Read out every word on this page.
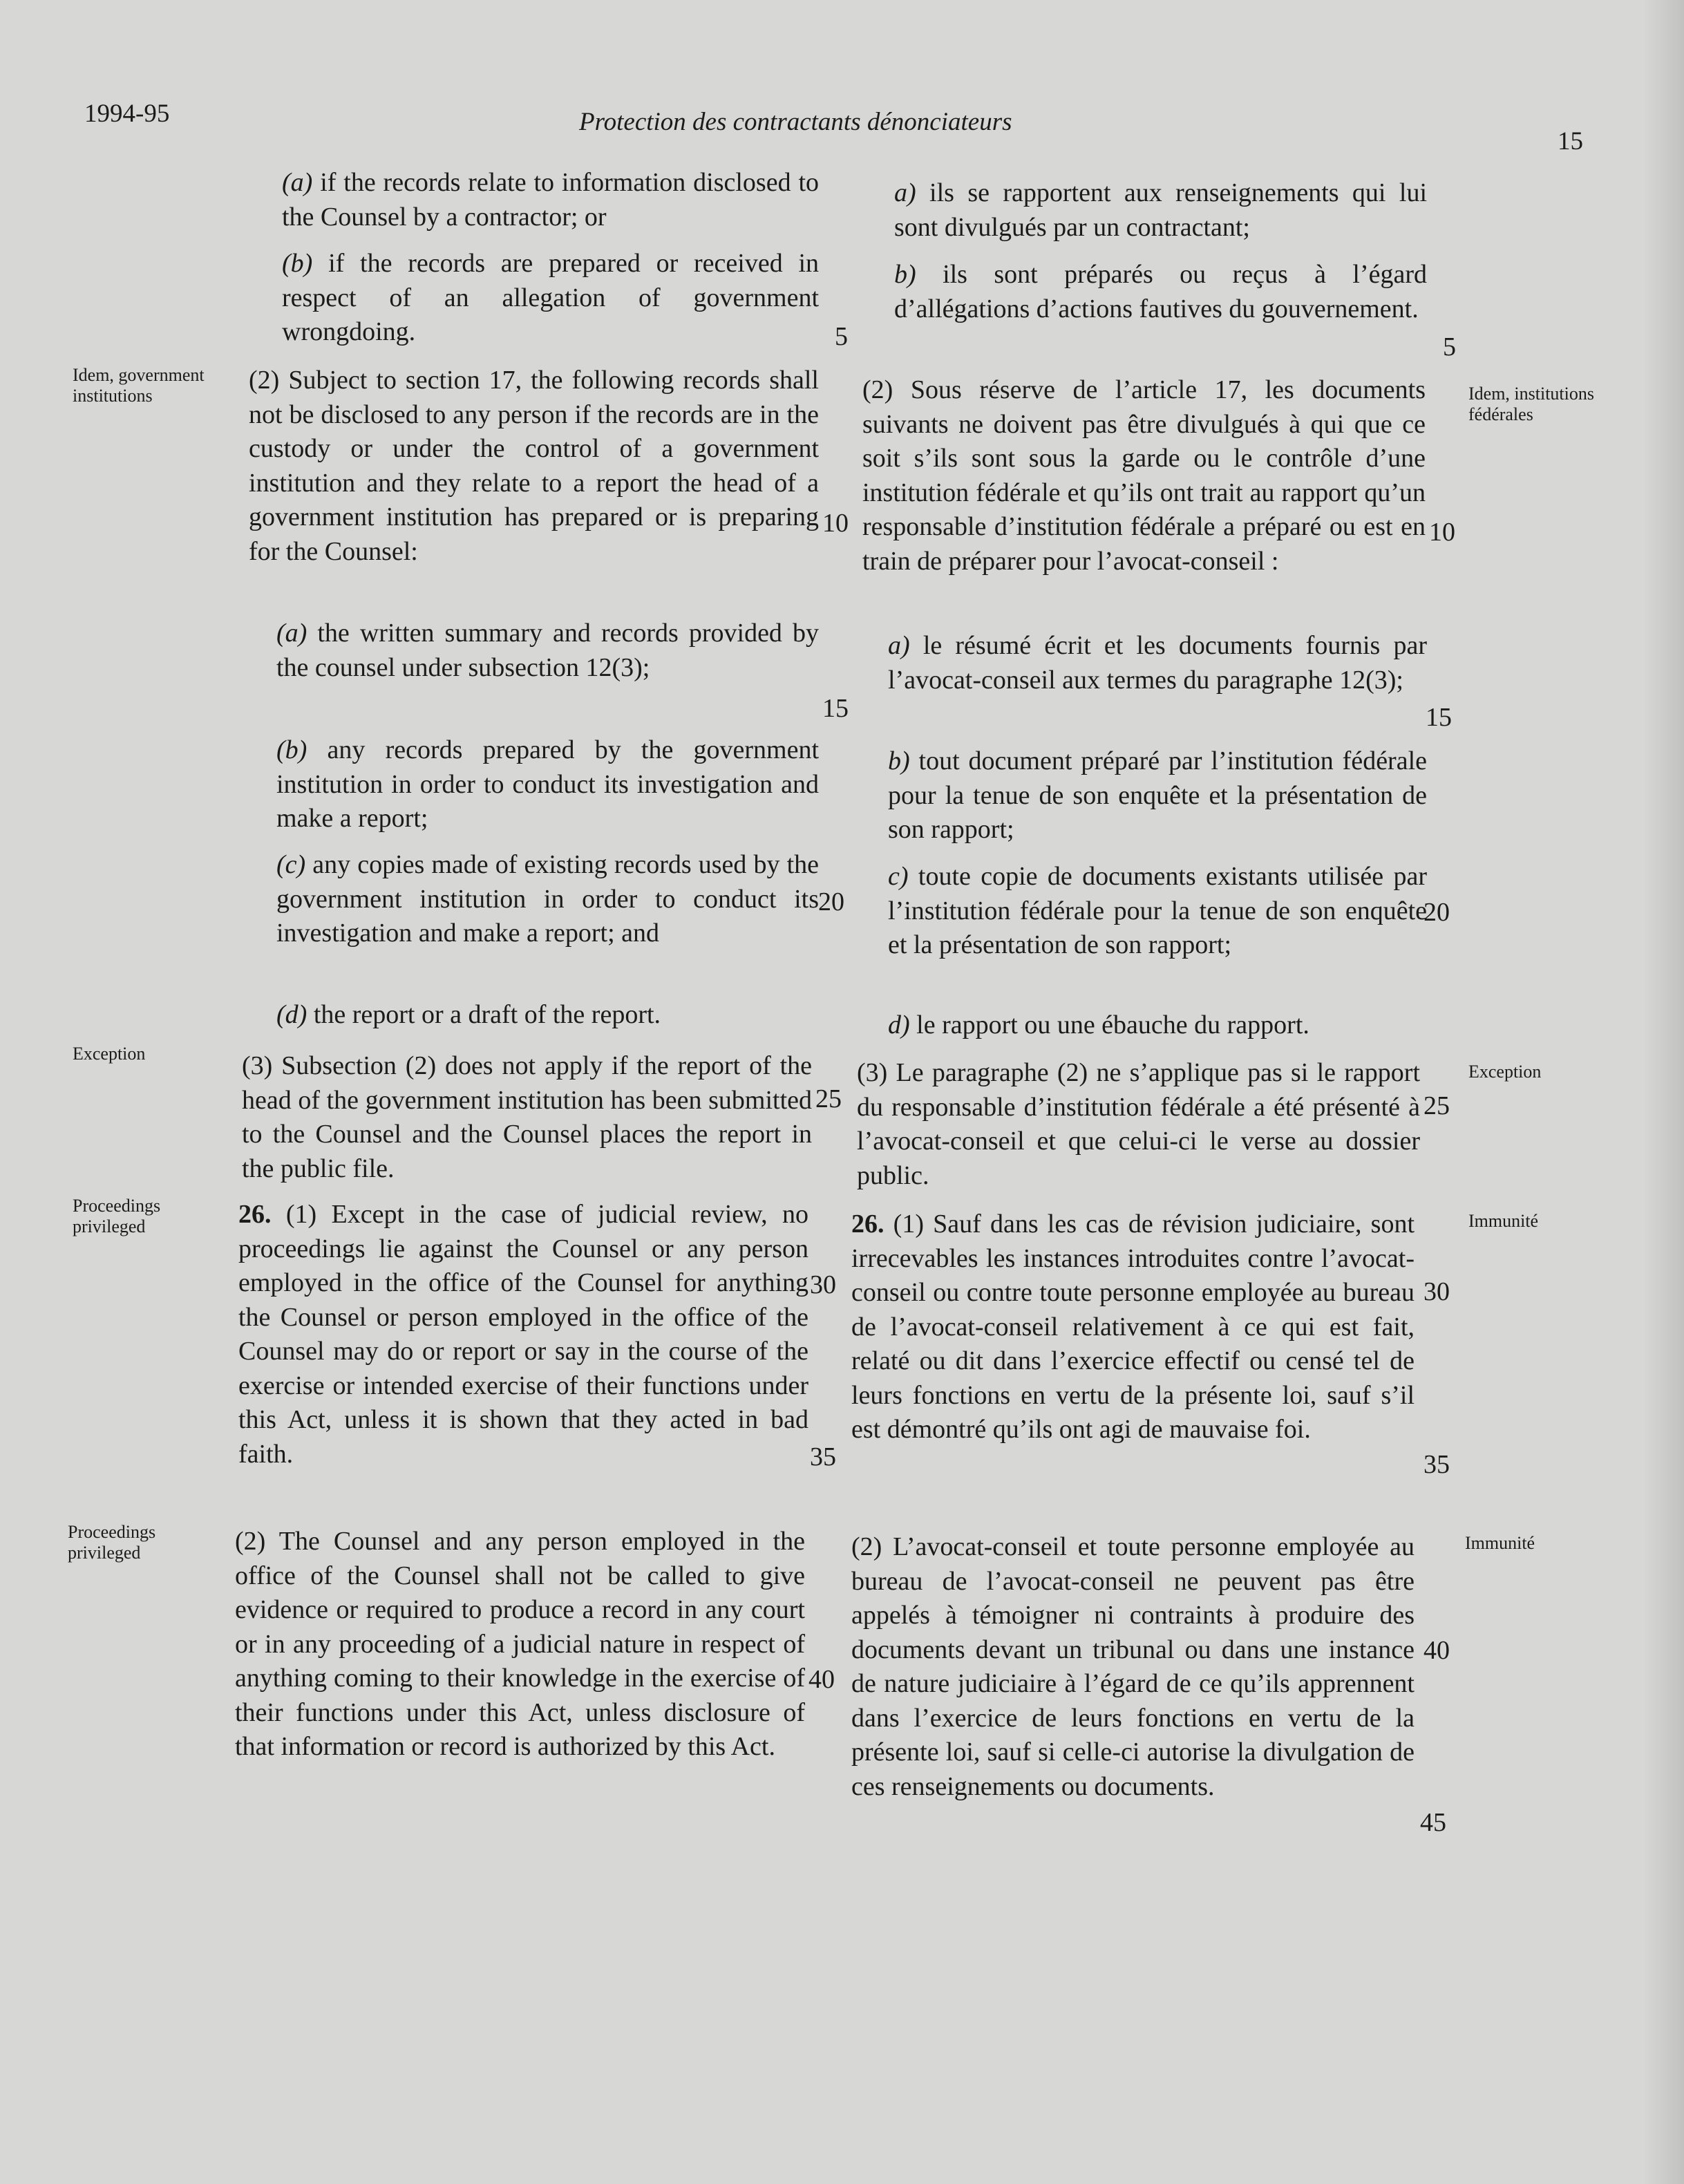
1994-95	Protection des contractants dénonciateurs
15

(a) if the records relate to information disclosed to the Counsel by a contractor; or

(b) if the records are prepared or received in respect of an allegation of government wrongdoing.

(2) Subject to section 17, the following records shall not be disclosed to any person if the records are in the custody or under the control of a government institution and they relate to a report the head of a government institution has prepared or is preparing for the Counsel:

(a) the written summary and records provided by the counsel under subsection 12(3);

(b) any records prepared by the government institution in order to conduct its investigation and make a report;

(c) any copies made of existing records used by the government institution in order to conduct its investigation and make a report; and

(d) the report or a draft of the report.

(3) Subsection (2) does not apply if the report of the head of the government institution has been submitted to the Counsel and the Counsel places the report in the public file.

26. (1) Except in the case of judicial review, no proceedings lie against the Counsel or any person employed in the office of the Counsel for anything the Counsel or person employed in the office of the Counsel may do or report or say in the course of the exercise or intended exercise of their functions under this Act, unless it is shown that they acted in bad faith.

(2) The Counsel and any person employed in the office of the Counsel shall not be called to give evidence or required to produce a record in any court or in any proceeding of a judicial nature in respect of anything coming to their knowledge in the exercise of their functions under this Act, unless disclosure of that information or record is authorized by this Act.

5
10
15
20
25
30
35
40

a) ils se rapportent aux renseignements qui lui sont divulgués par un contractant;

b) ils sont préparés ou reçus à l’égard d’allégations d’actions fautives du gouvernement.

(2) Sous réserve de l’article 17, les documents suivants ne doivent pas être divulgués à qui que ce soit s’ils sont sous la garde ou le contrôle d’une institution fédérale et qu’ils ont trait au rapport qu’un responsable d’institution fédérale a préparé ou est en train de préparer pour l’avocat-conseil :

a) le résumé écrit et les documents fournis par l’avocat-conseil aux termes du paragraphe 12(3);

b) tout document préparé par l’institution fédérale pour la tenue de son enquête et la présentation de son rapport;

c) toute copie de documents existants utilisée par l’institution fédérale pour la tenue de son enquête et la présentation de son rapport;

d) le rapport ou une ébauche du rapport.

(3) Le paragraphe (2) ne s’applique pas si le rapport du responsable d’institution fédérale a été présenté à l’avocat-conseil et que celui-ci le verse au dossier public.

26. (1) Sauf dans les cas de révision judiciaire, sont irrecevables les instances introduites contre l’avocat-conseil ou contre toute personne employée au bureau de l’avocat-conseil relativement à ce qui est fait, relaté ou dit dans l’exercice effectif ou censé tel de leurs fonctions en vertu de la présente loi, sauf s’il est démontré qu’ils ont agi de mauvaise foi.

(2) L’avocat-conseil et toute personne employée au bureau de l’avocat-conseil ne peuvent pas être appelés à témoigner ni contraints à produire des documents devant un tribunal ou dans une instance de nature judiciaire à l’égard de ce qu’ils apprennent dans l’exercice de leurs fonctions en vertu de la présente loi, sauf si celle-ci autorise la divulgation de ces renseignements ou documents.

5
10
15
20
25
30
35
40
45
Idem, government institutions
Exception
Proceedings privileged
Proceedings privileged
Idem, institutions fédérales
Exception
Immunité
Immunité
